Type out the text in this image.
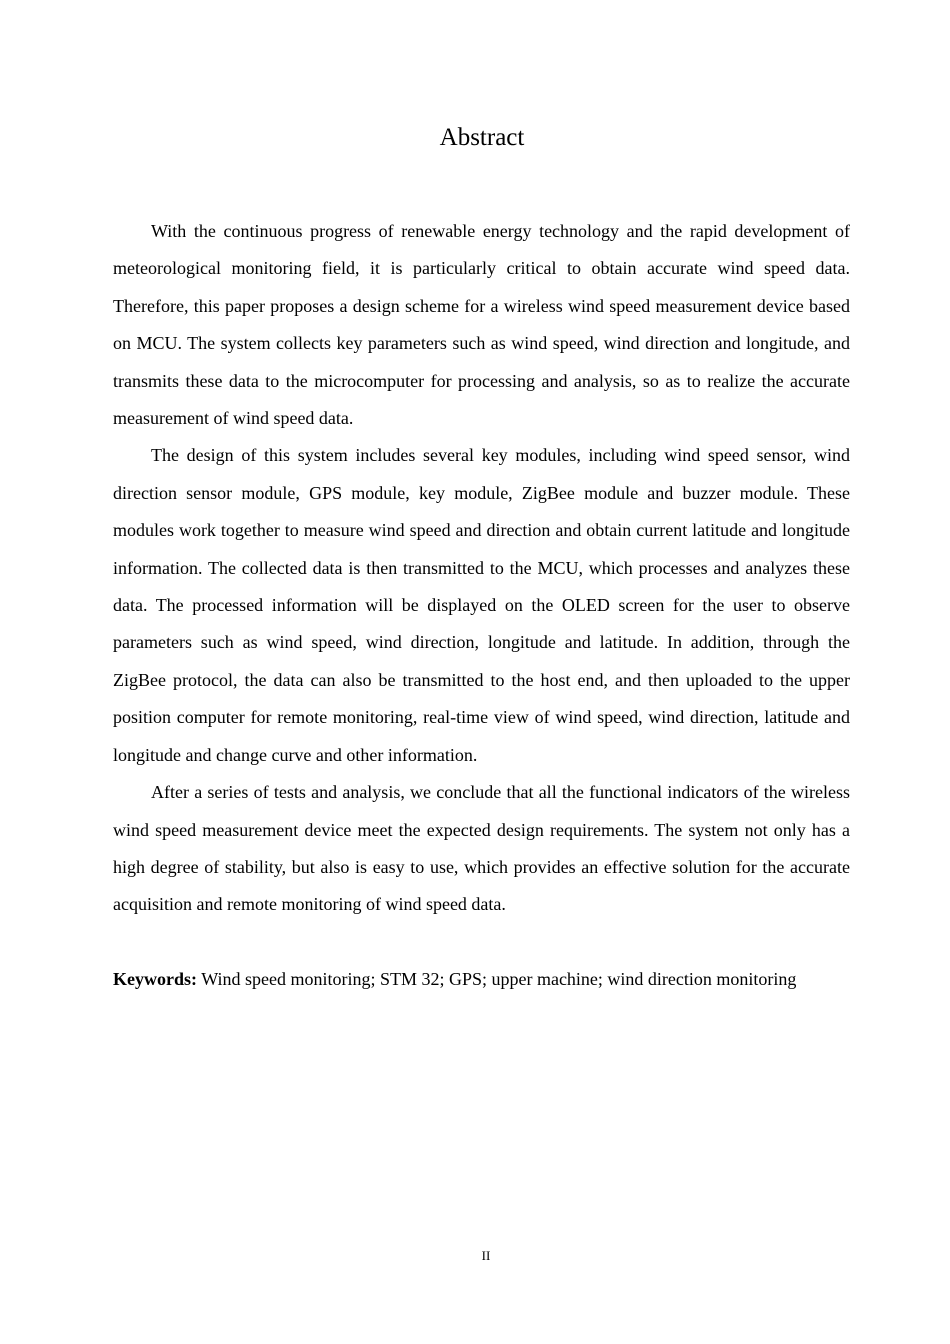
Abstract

With the continuous progress of renewable energy technology and the rapid development of meteorological monitoring field, it is particularly critical to obtain accurate wind speed data. Therefore, this paper proposes a design scheme for a wireless wind speed measurement device based on MCU. The system collects key parameters such as wind speed, wind direction and longitude, and transmits these data to the microcomputer for processing and analysis, so as to realize the accurate measurement of wind speed data.

The design of this system includes several key modules, including wind speed sensor, wind direction sensor module, GPS module, key module, ZigBee module and buzzer module. These modules work together to measure wind speed and direction and obtain current latitude and longitude information. The collected data is then transmitted to the MCU, which processes and analyzes these data. The processed information will be displayed on the OLED screen for the user to observe parameters such as wind speed, wind direction, longitude and latitude. In addition, through the ZigBee protocol, the data can also be transmitted to the host end, and then uploaded to the upper position computer for remote monitoring, real-time view of wind speed, wind direction, latitude and longitude and change curve and other information.

After a series of tests and analysis, we conclude that all the functional indicators of the wireless wind speed measurement device meet the expected design requirements. The system not only has a high degree of stability, but also is easy to use, which provides an effective solution for the accurate acquisition and remote monitoring of wind speed data.

Keywords: Wind speed monitoring; STM 32; GPS; upper machine; wind direction monitoring
II
